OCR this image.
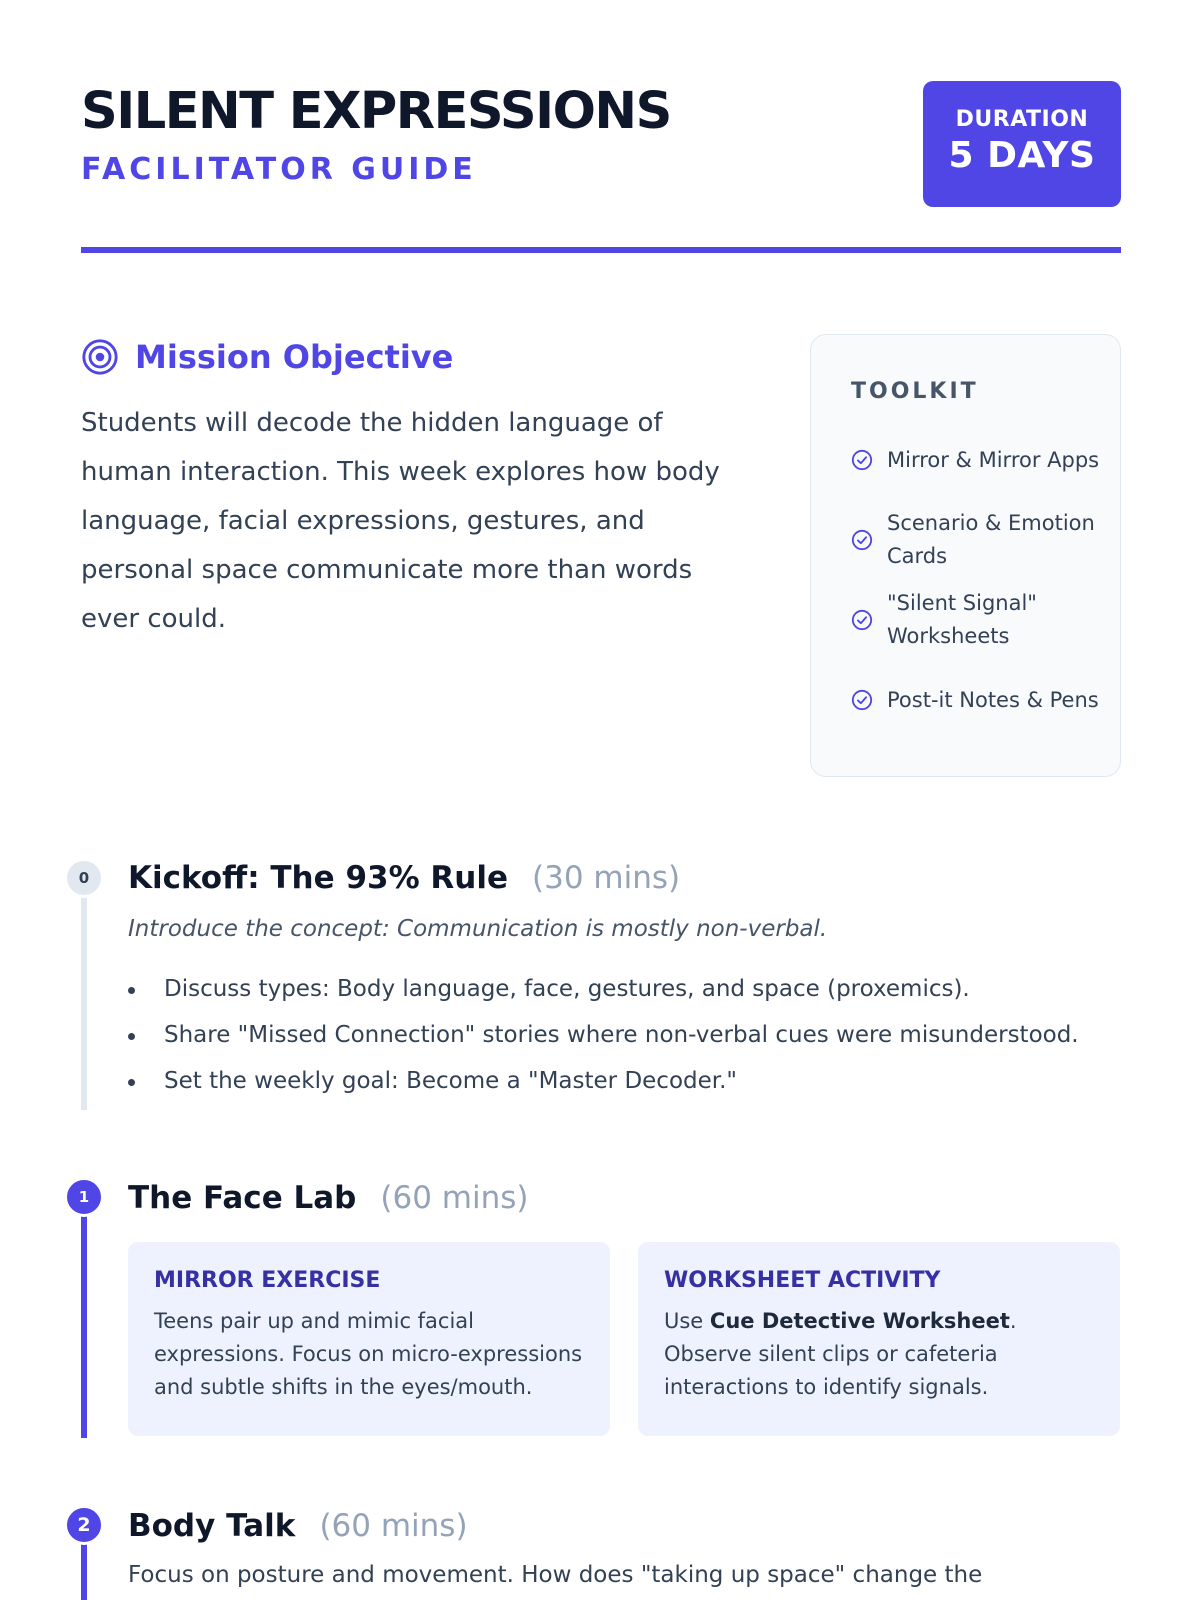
SILENT EXPRESSIONS
FACILITATOR GUIDE
DURATION
5 DAYS
Mission Objective

Students will decode the hidden language of human interaction. This week explores how body language, facial expressions, gestures, and personal space communicate more than words ever could.

TOOLKIT
Mirror & Mirror Apps
Scenario & Emotion Cards
"Silent Signal" Worksheets
Post-it Notes & Pens
0
1
2
Kickoff: The 93% Rule (30 mins)

Introduce the concept: Communication is mostly non-verbal.

Discuss types: Body language, face, gestures, and space (proxemics).
Share "Missed Connection" stories where non-verbal cues were misunderstood.
Set the weekly goal: Become a "Master Decoder."
The Face Lab (60 mins)
MIRROR EXERCISE

Teens pair up and mimic facial expressions. Focus on micro-expressions and subtle shifts in the eyes/mouth.

WORKSHEET ACTIVITY

Use Cue Detective Worksheet. Observe silent clips or cafeteria interactions to identify signals.

Body Talk (60 mins)

Focus on posture and movement. How does "taking up space" change the
